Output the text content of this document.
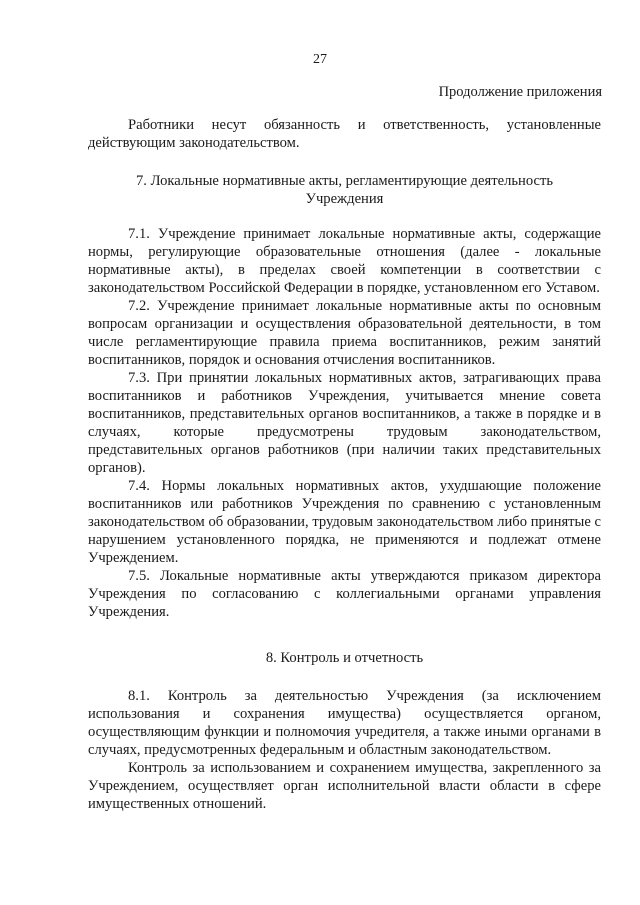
27
Продолжение приложения

Работники несут обязанность и ответственность, установленные действующим законодательством.

7. Локальные нормативные акты, регламентирующие деятельность

Учреждения

7.1. Учреждение принимает локальные нормативные акты, содержащие нормы, регулирующие образовательные отношения (далее - локальные нормативные акты), в пределах своей компетенции в соответствии с законодательством Российской Федерации в порядке, установленном его Уставом.

7.2. Учреждение принимает локальные нормативные акты по основным вопросам организации и осуществления образовательной деятельности, в том числе регламентирующие правила приема воспитанников, режим занятий воспитанников, порядок и основания отчисления воспитанников.

7.3. При принятии локальных нормативных актов, затрагивающих права воспитанников и работников Учреждения, учитывается мнение совета воспитанников, представительных органов воспитанников, а также в порядке и в случаях, которые предусмотрены трудовым законодательством, представительных органов работников (при наличии таких представительных органов).

7.4. Нормы локальных нормативных актов, ухудшающие положение воспитанников или работников Учреждения по сравнению с установленным законодательством об образовании, трудовым законодательством либо принятые с нарушением установленного порядка, не применяются и подлежат отмене Учреждением.

7.5. Локальные нормативные акты утверждаются приказом директора Учреждения по согласованию с коллегиальными органами управления Учреждения.

8. Контроль и отчетность

8.1. Контроль за деятельностью Учреждения (за исключением использования и сохранения имущества) осуществляется органом, осуществляющим функции и полномочия учредителя, а также иными органами в случаях, предусмотренных федеральным и областным законодательством.

Контроль за использованием и сохранением имущества, закрепленного за Учреждением, осуществляет орган исполнительной власти области в сфере имущественных отношений.
